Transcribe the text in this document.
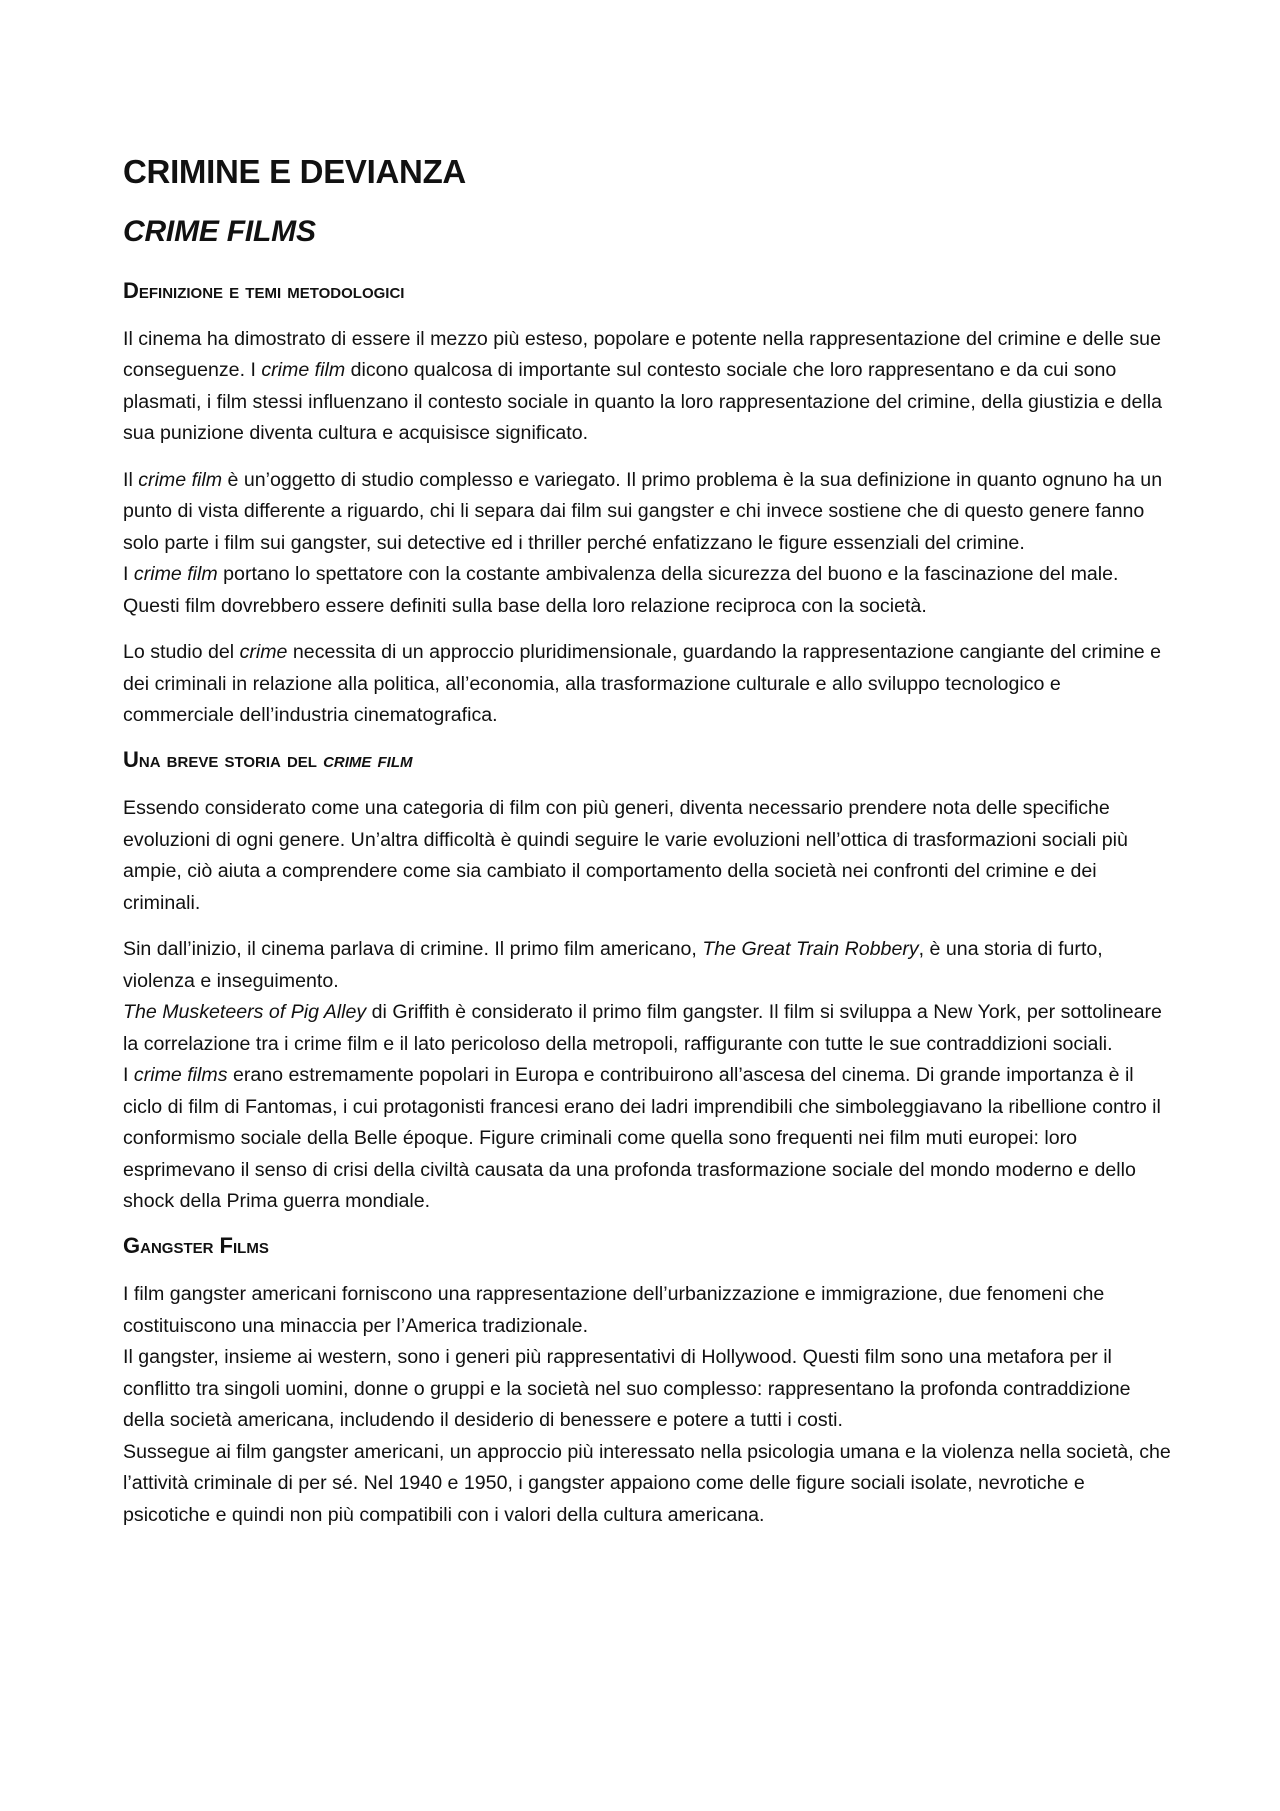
CRIMINE E DEVIANZA
CRIME FILMS
Definizione e temi metodologici

Il cinema ha dimostrato di essere il mezzo più esteso, popolare e potente nella rappresentazione del crimine e delle sue conseguenze. I crime film dicono qualcosa di importante sul contesto sociale che loro rappresentano e da cui sono plasmati, i film stessi influenzano il contesto sociale in quanto la loro rappresentazione del crimine, della giustizia e della sua punizione diventa cultura e acquisisce significato.

Il crime film è un’oggetto di studio complesso e variegato. Il primo problema è la sua definizione in quanto ognuno ha un punto di vista differente a riguardo, chi li separa dai film sui gangster e chi invece sostiene che di questo genere fanno solo parte i film sui gangster, sui detective ed i thriller perché enfatizzano le figure essenziali del crimine.
I crime film portano lo spettatore con la costante ambivalenza della sicurezza del buono e la fascinazione del male. Questi film dovrebbero essere definiti sulla base della loro relazione reciproca con la società.

Lo studio del crime necessita di un approccio pluridimensionale, guardando la rappresentazione cangiante del crimine e dei criminali in relazione alla politica, all’economia, alla trasformazione culturale e allo sviluppo tecnologico e commerciale dell’industria cinematografica.

Una breve storia del crime film

Essendo considerato come una categoria di film con più generi, diventa necessario prendere nota delle specifiche evoluzioni di ogni genere. Un’altra difficoltà è quindi seguire le varie evoluzioni nell’ottica di trasformazioni sociali più ampie, ciò aiuta a comprendere come sia cambiato il comportamento della società nei confronti del crimine e dei criminali.

Sin dall’inizio, il cinema parlava di crimine. Il primo film americano, The Great Train Robbery, è una storia di furto, violenza e inseguimento.
The Musketeers of Pig Alley di Griffith è considerato il primo film gangster. Il film si sviluppa a New York, per sottolineare la correlazione tra i crime film e il lato pericoloso della metropoli, raffigurante con tutte le sue contraddizioni sociali.
I crime films erano estremamente popolari in Europa e contribuirono all’ascesa del cinema. Di grande importanza è il ciclo di film di Fantomas, i cui protagonisti francesi erano dei ladri imprendibili che simboleggiavano la ribellione contro il conformismo sociale della Belle époque. Figure criminali come quella sono frequenti nei film muti europei: loro esprimevano il senso di crisi della civiltà causata da una profonda trasformazione sociale del mondo moderno e dello shock della Prima guerra mondiale.

Gangster Films

I film gangster americani forniscono una rappresentazione dell’urbanizzazione e immigrazione, due fenomeni che costituiscono una minaccia per l’America tradizionale.
Il gangster, insieme ai western, sono i generi più rappresentativi di Hollywood. Questi film sono una metafora per il conflitto tra singoli uomini, donne o gruppi e la società nel suo complesso: rappresentano la profonda contraddizione della società americana, includendo il desiderio di benessere e potere a tutti i costi.
Sussegue ai film gangster americani, un approccio più interessato nella psicologia umana e la violenza nella società, che l’attività criminale di per sé. Nel 1940 e 1950, i gangster appaiono come delle figure sociali isolate, nevrotiche e psicotiche e quindi non più compatibili con i valori della cultura americana.
